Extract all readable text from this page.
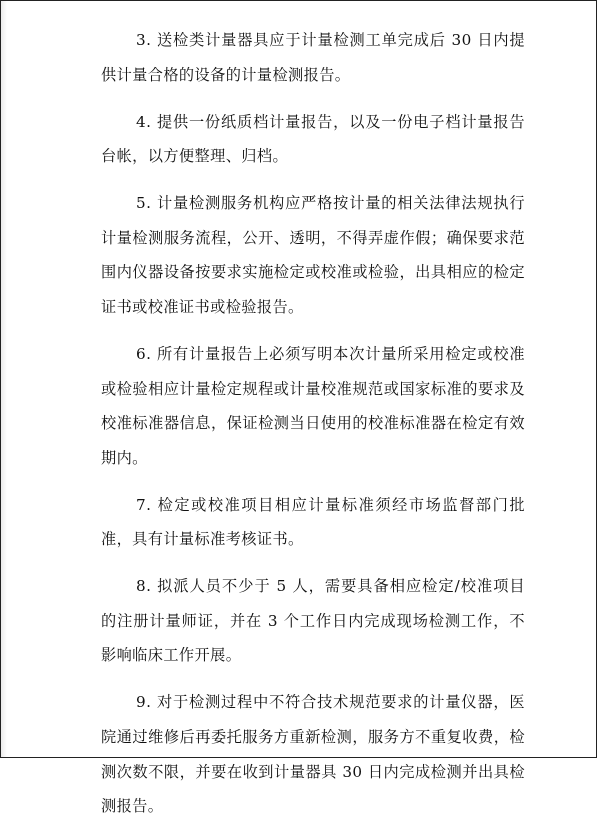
3. 送检类计量器具应于计量检测工单完成后 30 日内提供计量合格的设备的计量检测报告。

4. 提供一份纸质档计量报告，以及一份电子档计量报告台帐，以方便整理、归档。

5. 计量检测服务机构应严格按计量的相关法律法规执行计量检测服务流程，公开、透明，不得弄虚作假；确保要求范围内仪器设备按要求实施检定或校准或检验，出具相应的检定证书或校准证书或检验报告。

6. 所有计量报告上必须写明本次计量所采用检定或校准或检验相应计量检定规程或计量校准规范或国家标准的要求及校准标准器信息，保证检测当日使用的校准标准器在检定有效期内。

7. 检定或校准项目相应计量标准须经市场监督部门批准，具有计量标准考核证书。

8. 拟派人员不少于 5 人，需要具备相应检定/校准项目的注册计量师证，并在 3 个工作日内完成现场检测工作，不影响临床工作开展。

9. 对于检测过程中不符合技术规范要求的计量仪器，医院通过维修后再委托服务方重新检测，服务方不重复收费，检测次数不限，并要在收到计量器具 30 日内完成检测并出具检测报告。
